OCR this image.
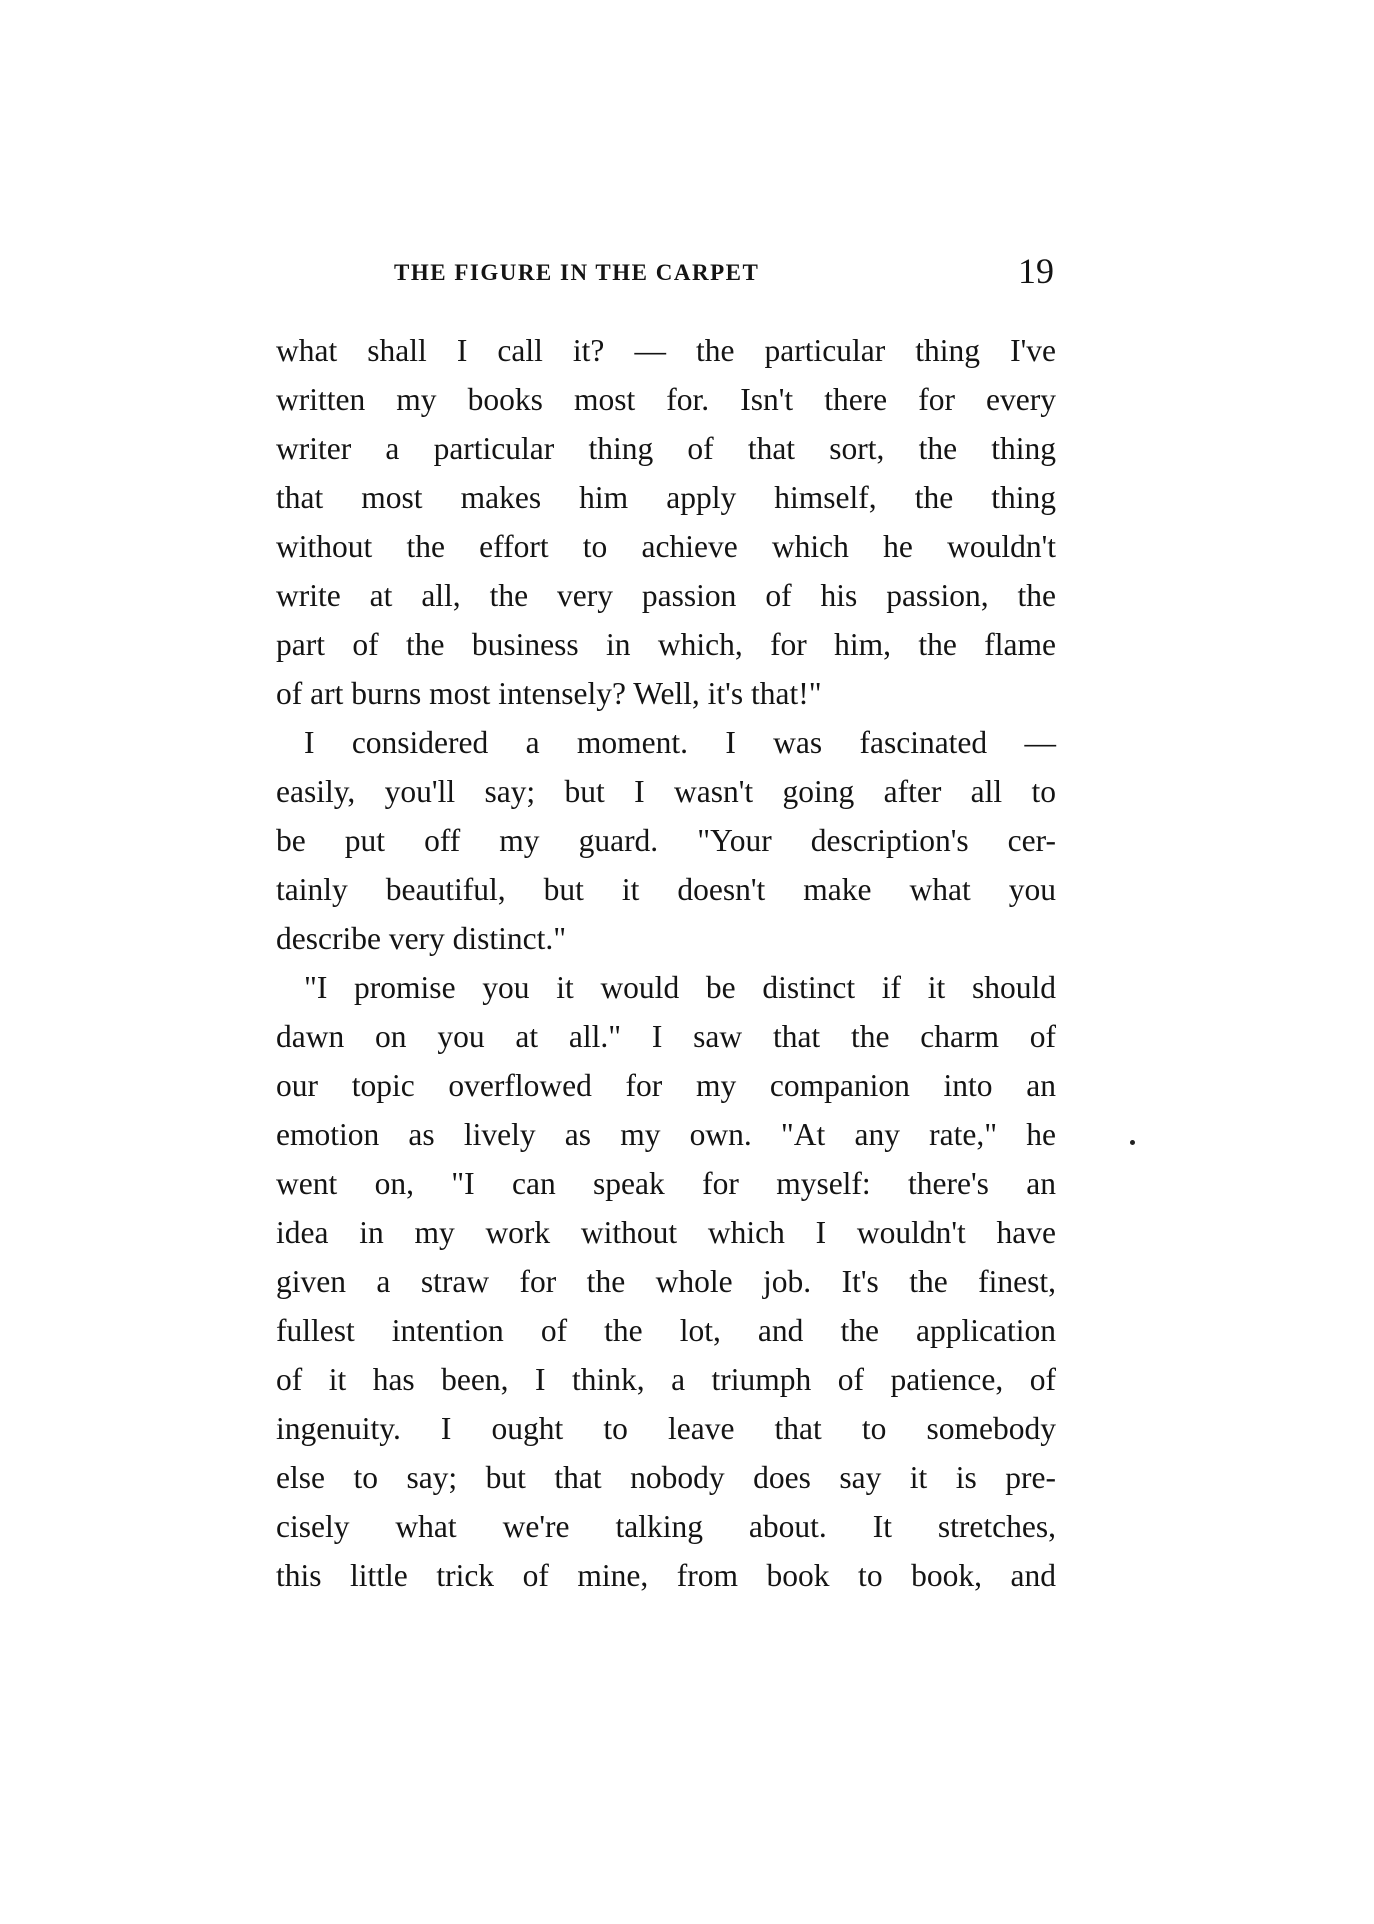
THE FIGURE IN THE CARPET	19
what shall I call it? — the particular thing I've
written my books most for. Isn't there for every
writer a particular thing of that sort, the thing
that most makes him apply himself, the thing
without the effort to achieve which he wouldn't
write at all, the very passion of his passion, the
part of the business in which, for him, the flame
of art burns most intensely? Well, it's that!"
I considered a moment. I was fascinated —
easily, you'll say; but I wasn't going after all to
be put off my guard. "Your description's cer-
tainly beautiful, but it doesn't make what you
describe very distinct."
"I promise you it would be distinct if it should
dawn on you at all." I saw that the charm of
our topic overflowed for my companion into an
emotion as lively as my own. "At any rate," he
went on, "I can speak for myself: there's an
idea in my work without which I wouldn't have
given a straw for the whole job. It's the finest,
fullest intention of the lot, and the application
of it has been, I think, a triumph of patience, of
ingenuity. I ought to leave that to somebody
else to say; but that nobody does say it is pre-
cisely what we're talking about. It stretches,
this little trick of mine, from book to book, and
